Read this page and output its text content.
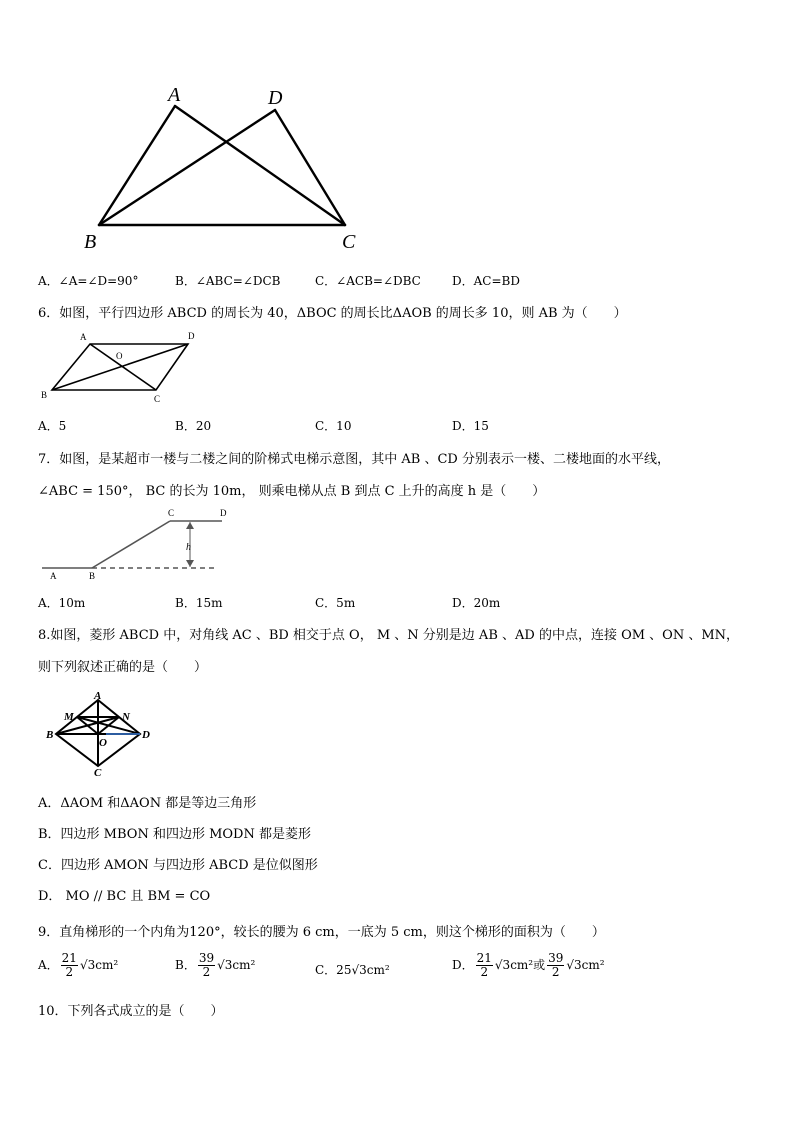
A	D
B	C
A．∠A=∠D=90°	B．∠ABC=∠DCB	C．∠ACB=∠DBC	D．AC=BD
6．如图，平行四边形 ABCD 的周长为 40，ΔBOC 的周长比ΔAOB 的周长多 10，则 AB 为（　　）
A	D
O
B	C
A．5	B．20	C．10	D．15
7．如图，是某超市一楼与二楼之间的阶梯式电梯示意图，其中 AB 、CD 分别表示一楼、二楼地面的水平线，
∠ABC = 150°， BC 的长为 10m， 则乘电梯从点 B 到点 C 上升的高度 h 是（　　）
C	D
h
A	B
A．10m	B．15m	C．5m	D．20m
8.如图，菱形 ABCD 中，对角线 AC 、BD 相交于点 O， M 、N 分别是边 AB 、AD 的中点，连接 OM 、ON 、MN，
则下列叙述正确的是（　　）
A
M	N
B
O
D
C
A．ΔAOM 和ΔAON 都是等边三角形
B．四边形 MBON 和四边形 MODN 都是菱形
C．四边形 AMON 与四边形 ABCD 是位似图形
D． MO // BC 且 BM = CO
9．直角梯形的一个内角为120°，较长的腰为 6 cm，一底为 5 cm，则这个梯形的面积为（　　）
A． $\frac{21}{2} √3cm^2$	B． $\frac{39}{2} √3cm^2$	C．25√3cm²	D． $\frac{21}{2} √3cm^2$或 $\frac{39}{2} √3cm^2$
10．下列各式成立的是（　　）
